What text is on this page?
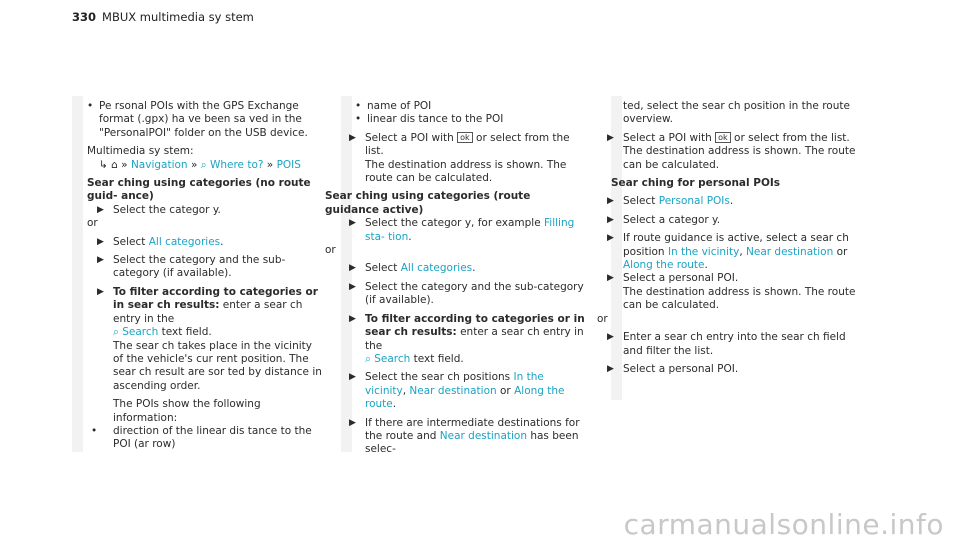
330 MBUX multimedia sy stem

• Pe rsonal POIs with the GPS Exchange format (.gpx) ha ve been sa ved in the "PersonalPOI" folder on the USB device.

Multimedia sy stem:

↳ ⌂ » Navigation » ⌕ Where to? » POIS

Sear ching using categories (no route guid- ance)

▶ Select the categor y.

or

▶ Select All categories.

▶ Select the category and the sub-category (if available).

▶ To filter according to categories or in sear ch results: enter a sear ch entry in the

⌕ Search text field.

The sear ch takes place in the vicinity of the vehicle's cur rent position. The sear ch result are sor ted by distance in ascending order.

The POIs show the following information:

• direction of the linear dis tance to the POI (ar row)

• name of POI

• linear dis tance to the POI

▶ Select a POI with ok or select from the list.

The destination address is shown. The route can be calculated.

Sear ching using categories (route guidance active)

▶ Select the categor y, for example Filling sta- tion.

or

▶ Select All categories.

▶ Select the category and the sub-category (if available).

▶ To filter according to categories or in sear ch results: enter a sear ch entry in the

⌕ Search text field.

▶ Select the sear ch positions In the vicinity, Near destination or Along the route.

▶ If there are intermediate destinations for the route and Near destination has been selec-

ted, select the sear ch position in the route overview.

▶ Select a POI with ok or select from the list.

The destination address is shown. The route can be calculated.

Sear ching for personal POIs

▶ Select Personal POIs.

▶ Select a categor y.

▶ If route guidance is active, select a sear ch position In the vicinity, Near destination or Along the route.

▶ Select a personal POI.

The destination address is shown. The route can be calculated.

or

▶ Enter a sear ch entry into the sear ch field and filter the list.

▶ Select a personal POI.

carmanualsonline.info
